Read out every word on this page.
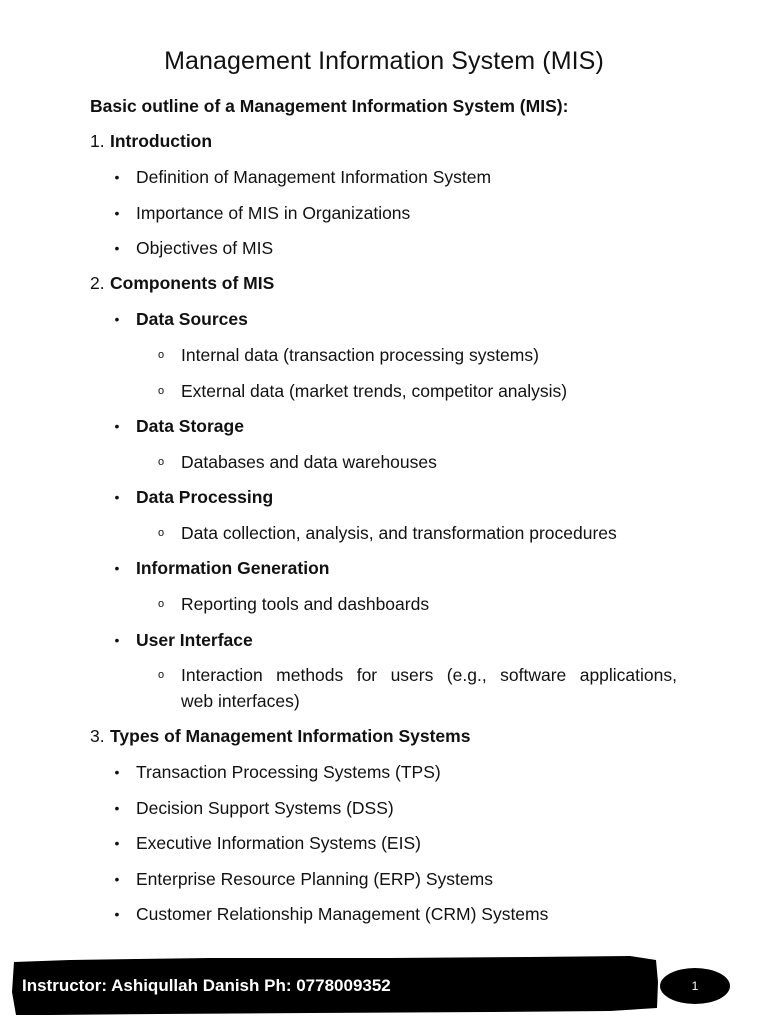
Management Information System (MIS)
Basic outline of a Management Information System (MIS):
1. Introduction
• Definition of Management Information System
• Importance of MIS in Organizations
• Objectives of MIS
2. Components of MIS
• Data Sources
o Internal data (transaction processing systems)
o External data (market trends, competitor analysis)
• Data Storage
o Databases and data warehouses
• Data Processing
o Data collection, analysis, and transformation procedures
• Information Generation
o Reporting tools and dashboards
• User Interface
o Interaction methods for users (e.g., software applications,
web interfaces)
3. Types of Management Information Systems
• Transaction Processing Systems (TPS)
• Decision Support Systems (DSS)
• Executive Information Systems (EIS)
• Enterprise Resource Planning (ERP) Systems
• Customer Relationship Management (CRM) Systems
Instructor: Ashiqullah Danish Ph: 0778009352	1
